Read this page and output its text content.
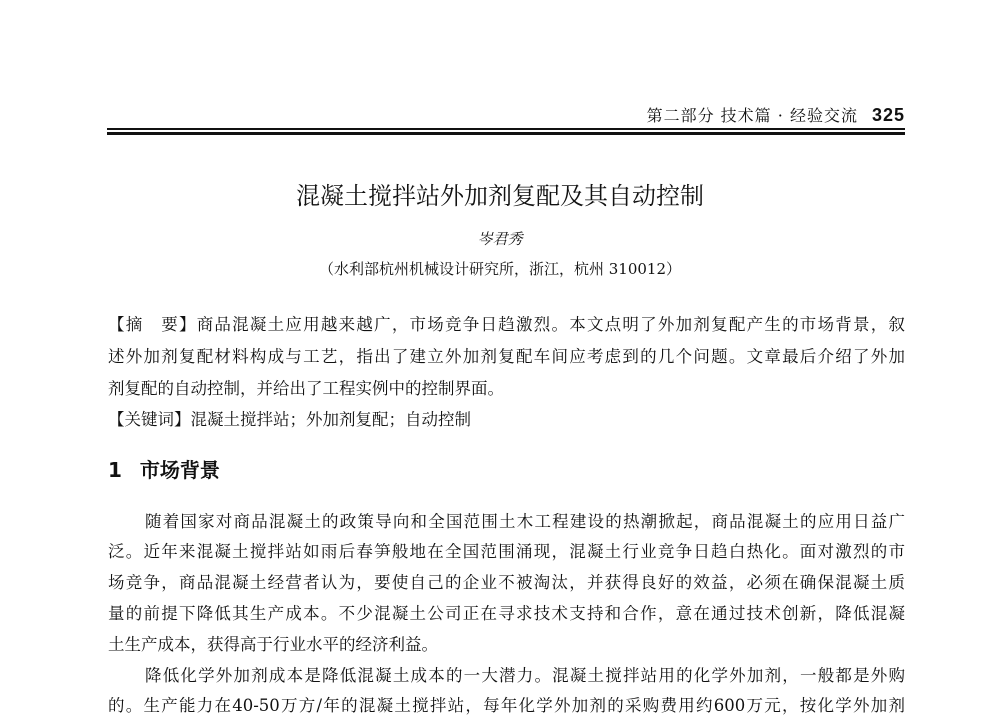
第二部分 技术篇 · 经验交流 325
混凝土搅拌站外加剂复配及其自动控制
岑君秀
（水利部杭州机械设计研究所，浙江，杭州 310012）
【摘　要】商品混凝土应用越来越广，市场竞争日趋激烈。本文点明了外加剂复配产生的市场背景，叙
述外加剂复配材料构成与工艺，指出了建立外加剂复配车间应考虑到的几个问题。文章最后介绍了外加
剂复配的自动控制，并给出了工程实例中的控制界面。
【关键词】混凝土搅拌站；外加剂复配；自动控制
1 市场背景
随着国家对商品混凝土的政策导向和全国范围土木工程建设的热潮掀起，商品混凝土的应用日益广
泛。近年来混凝土搅拌站如雨后春笋般地在全国范围涌现，混凝土行业竞争日趋白热化。面对激烈的市
场竞争，商品混凝土经营者认为，要使自己的企业不被淘汰，并获得良好的效益，必须在确保混凝土质
量的前提下降低其生产成本。不少混凝土公司正在寻求技术支持和合作，意在通过技术创新，降低混凝
土生产成本，获得高于行业水平的经济利益。
降低化学外加剂成本是降低混凝土成本的一大潜力。混凝土搅拌站用的化学外加剂，一般都是外购
的。生产能力在40-50万方/年的混凝土搅拌站，每年化学外加剂的采购费用约600万元，按化学外加剂
